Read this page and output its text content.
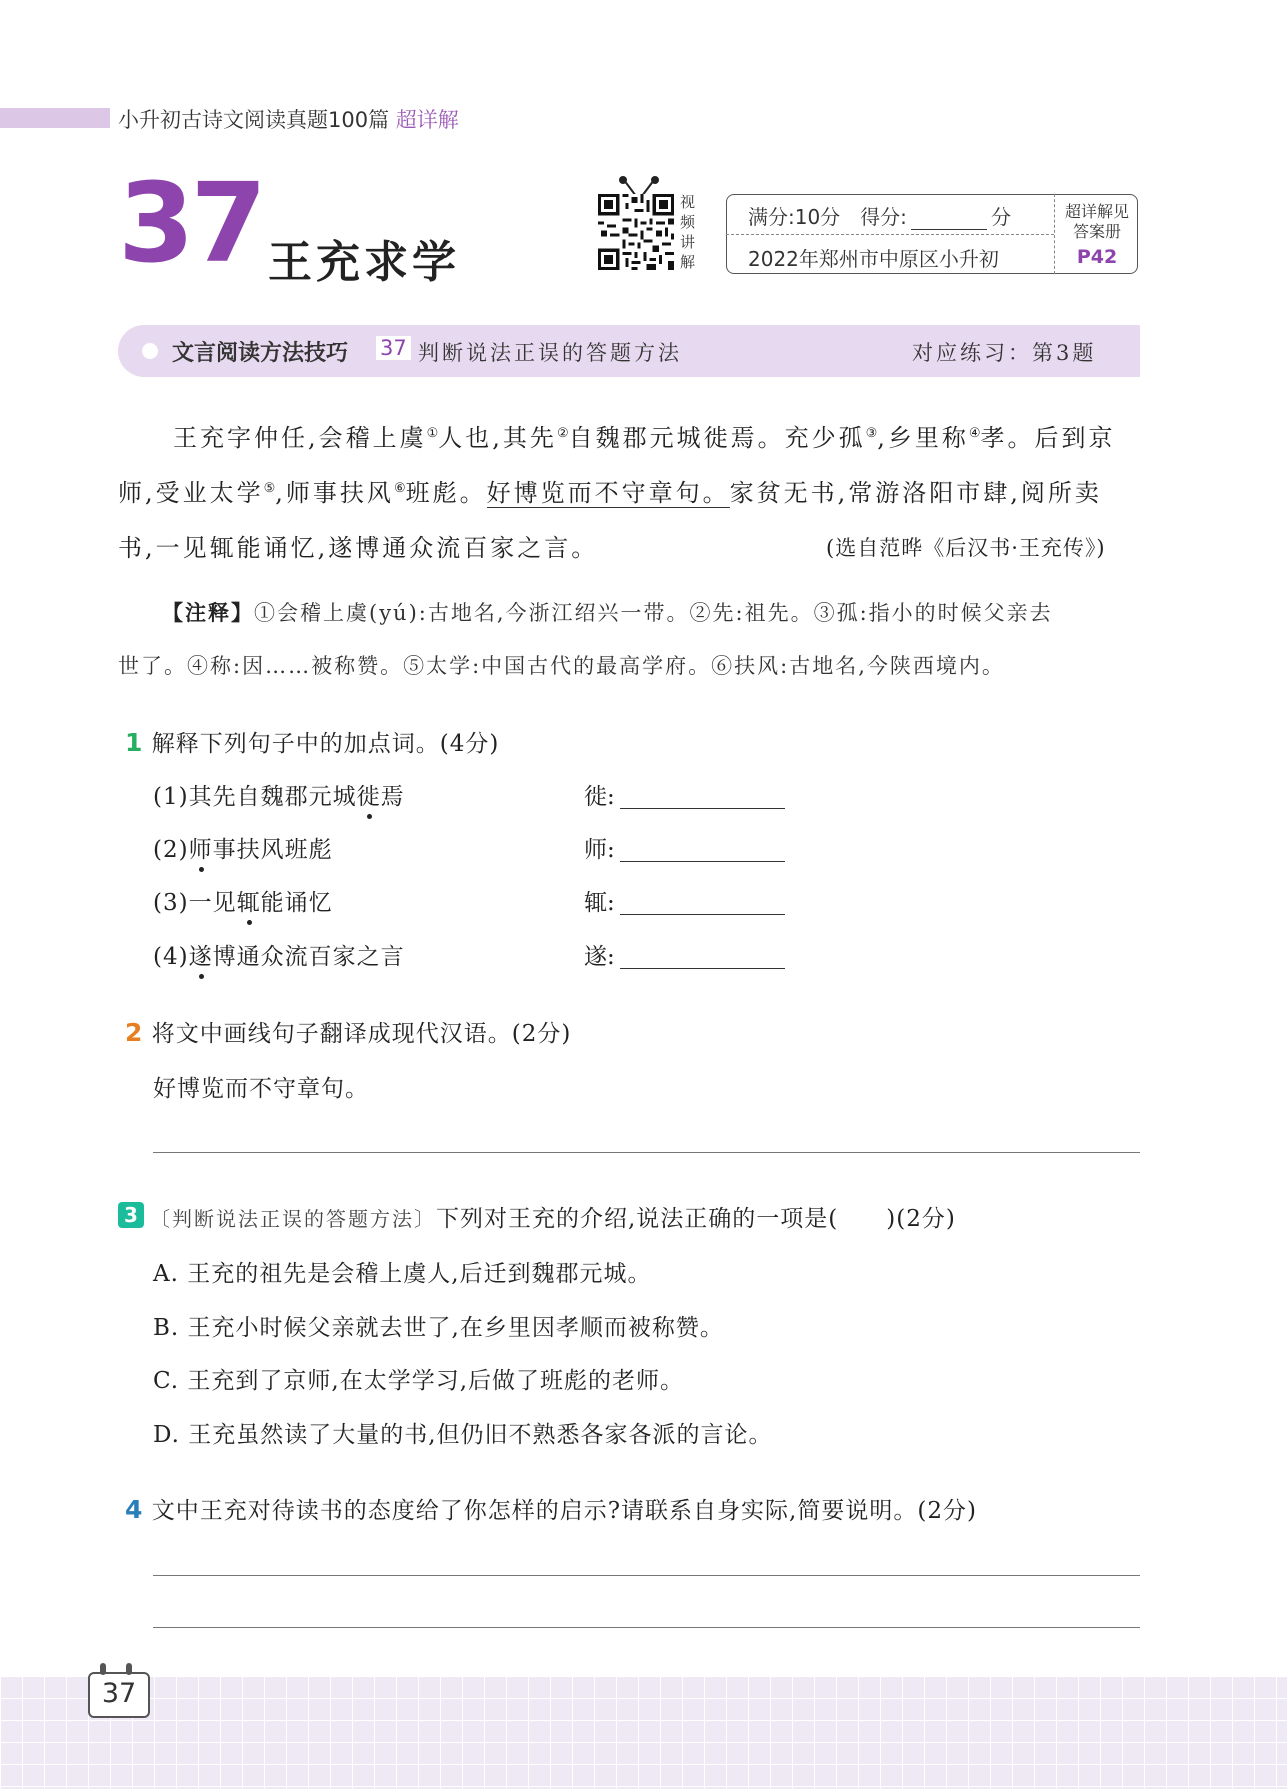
小升初古诗文阅读真题100篇 超详解
37 王充求学
视频讲解
满分:10分　得分:	分
2022年郑州市中原区小升初
超详解见答案册
P42
文言阅读方法技巧 37 判断说法正误的答题方法	对应练习：第3题
王充字仲任,会稽上虞①人也,其先②自魏郡元城徙焉。充少孤③,乡里称④孝。后到京
师,受业太学⑤,师事扶风⑥班彪。好博览而不守章句。家贫无书,常游洛阳市肆,阅所卖
书,一见辄能诵忆,遂博通众流百家之言。	(选自范晔《后汉书·王充传》)
【注释】①会稽上虞(yú):古地名,今浙江绍兴一带。②先:祖先。③孤:指小的时候父亲去
世了。④称:因……被称赞。⑤太学:中国古代的最高学府。⑥扶风:古地名,今陕西境内。
1 解释下列句子中的加点词。(4分)
(1)其先自魏郡元城徙焉	徙:
(2)师事扶风班彪	师:
(3)一见辄能诵忆	辄:
(4)遂博通众流百家之言	遂:
2 将文中画线句子翻译成现代汉语。(2分)
好博览而不守章句。
3 〔判断说法正误的答题方法〕下列对王充的介绍,说法正确的一项是(　　)(2分)
A. 王充的祖先是会稽上虞人,后迁到魏郡元城。
B. 王充小时候父亲就去世了,在乡里因孝顺而被称赞。
C. 王充到了京师,在太学学习,后做了班彪的老师。
D. 王充虽然读了大量的书,但仍旧不熟悉各家各派的言论。
4 文中王充对待读书的态度给了你怎样的启示?请联系自身实际,简要说明。(2分)
37
